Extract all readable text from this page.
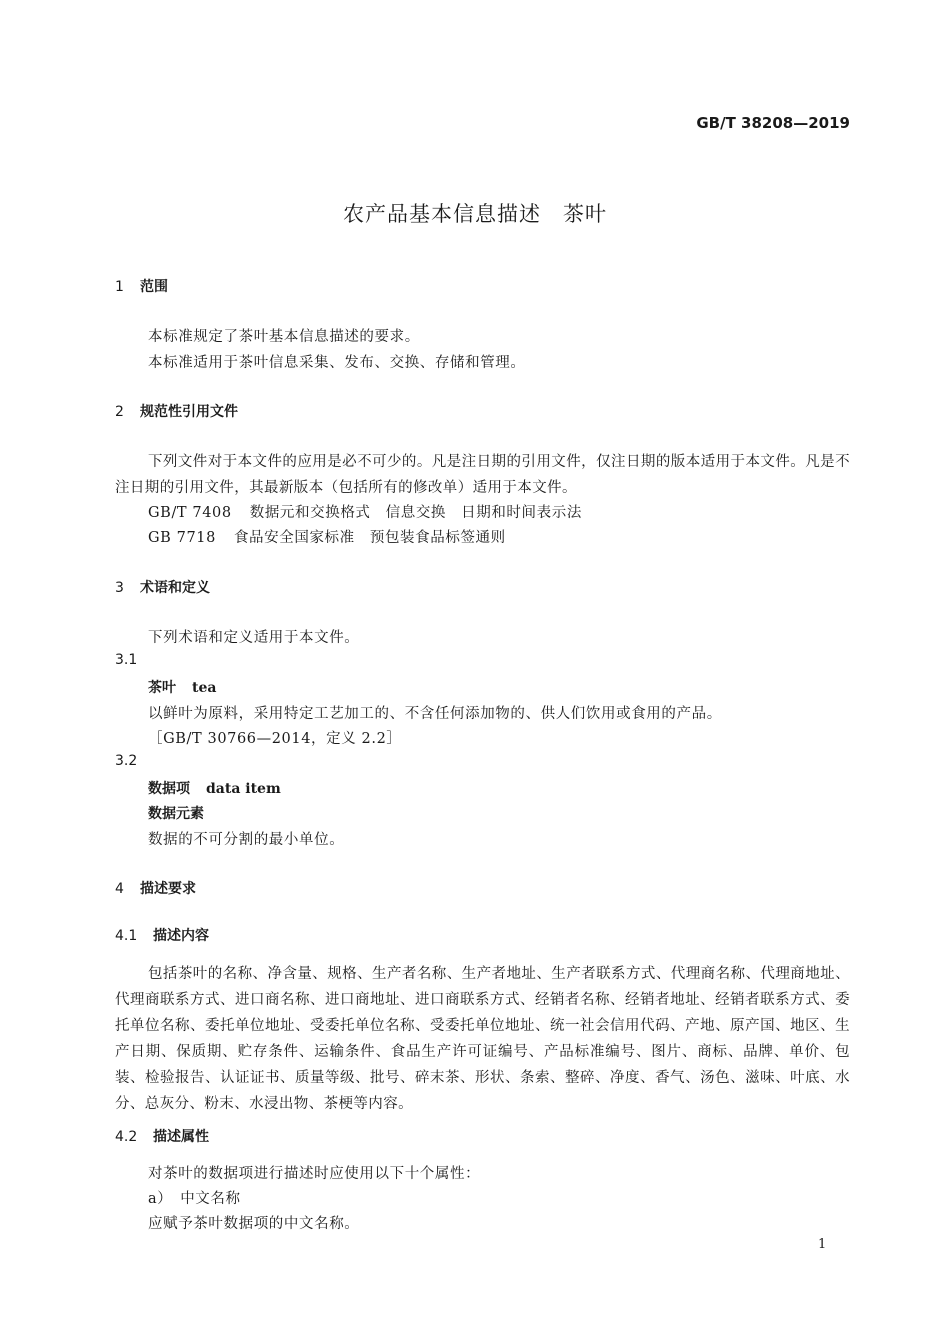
GB/T 38208—2019
农产品基本信息描述　茶叶
1 范围
本标准规定了茶叶基本信息描述的要求。
本标准适用于茶叶信息采集、发布、交换、存储和管理。
2 规范性引用文件
下列文件对于本文件的应用是必不可少的。凡是注日期的引用文件，仅注日期的版本适用于本文件。凡是不注日期的引用文件，其最新版本（包括所有的修改单）适用于本文件。
GB/T 7408 数据元和交换格式　信息交换　日期和时间表示法
GB 7718 食品安全国家标准　预包装食品标签通则
3 术语和定义
下列术语和定义适用于本文件。
3.1
茶叶 tea
以鲜叶为原料，采用特定工艺加工的、不含任何添加物的、供人们饮用或食用的产品。
［GB/T 30766—2014，定义 2.2］
3.2
数据项 data item
数据元素
数据的不可分割的最小单位。
4 描述要求
4.1 描述内容
包括茶叶的名称、净含量、规格、生产者名称、生产者地址、生产者联系方式、代理商名称、代理商地址、代理商联系方式、进口商名称、进口商地址、进口商联系方式、经销者名称、经销者地址、经销者联系方式、委托单位名称、委托单位地址、受委托单位名称、受委托单位地址、统一社会信用代码、产地、原产国、地区、生产日期、保质期、贮存条件、运输条件、食品生产许可证编号、产品标准编号、图片、商标、品牌、单价、包装、检验报告、认证证书、质量等级、批号、碎末茶、形状、条索、整碎、净度、香气、汤色、滋味、叶底、水分、总灰分、粉末、水浸出物、茶梗等内容。
4.2 描述属性
对茶叶的数据项进行描述时应使用以下十个属性：
a）　中文名称
应赋予茶叶数据项的中文名称。
1
